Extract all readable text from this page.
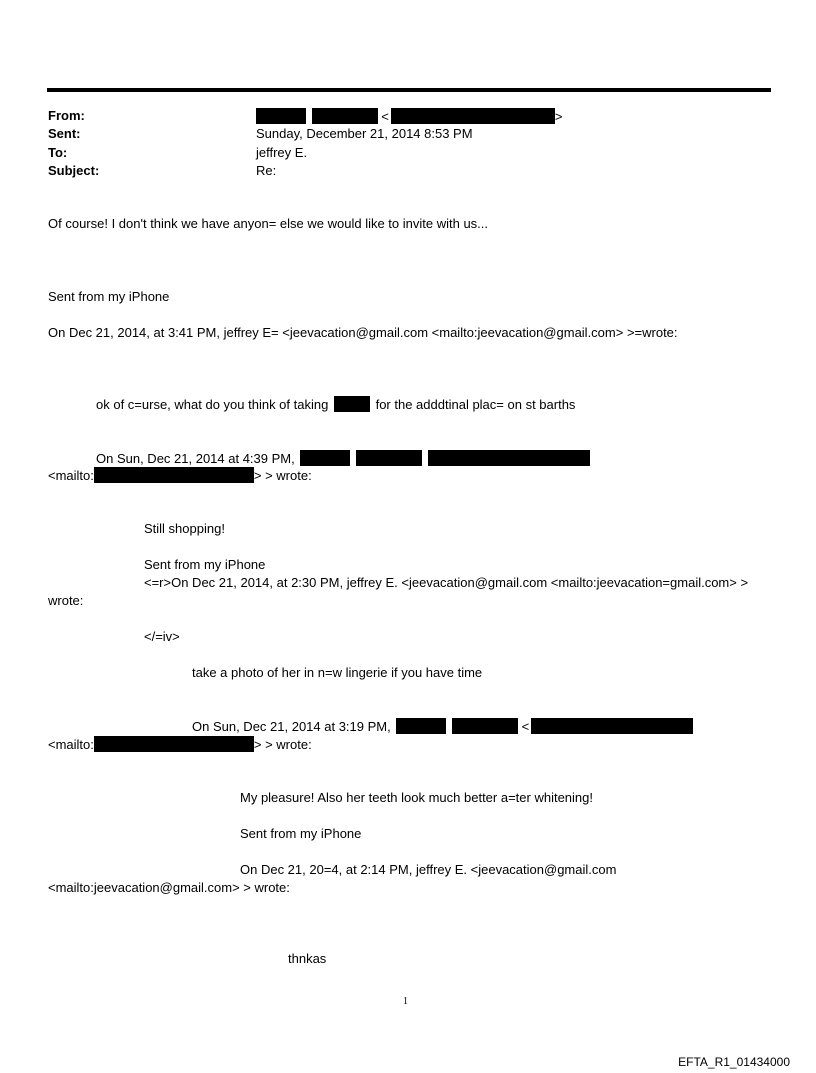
From:	<	>
Sent:	Sunday, December 21, 2014 8:53 PM
To:	jeffrey E.
Subject:	Re:
Of course! I don't think we have anyon= else we would like to invite with us...
Sent from my iPhone
On Dec 21, 2014, at 3:41 PM, jeffrey E= <jeevacation@gmail.com <mailto:jeevacation@gmail.com> >=wrote:
ok of c=urse, what do you think of taking	for the adddtinal plac= on st barths
On Sun, Dec 21, 2014 at 4:39 PM,
<mailto:	> > wrote:
Still shopping!
Sent from my iPhone
<=r>On Dec 21, 2014, at 2:30 PM, jeffrey E. <jeevacation@gmail.com <mailto:jeevacation=gmail.com> >
wrote:
</=iv>
take a photo of her in n=w lingerie if you have time
On Sun, Dec 21, 2014 at 3:19 PM,	<
<mailto:	> > wrote:
My pleasure! Also her teeth look much better a=ter whitening!
Sent from my iPhone
On Dec 21, 20=4, at 2:14 PM, jeffrey E. <jeevacation@gmail.com
<mailto:jeevacation@gmail.com> > wrote:
thnkas
1
EFTA_R1_01434000
